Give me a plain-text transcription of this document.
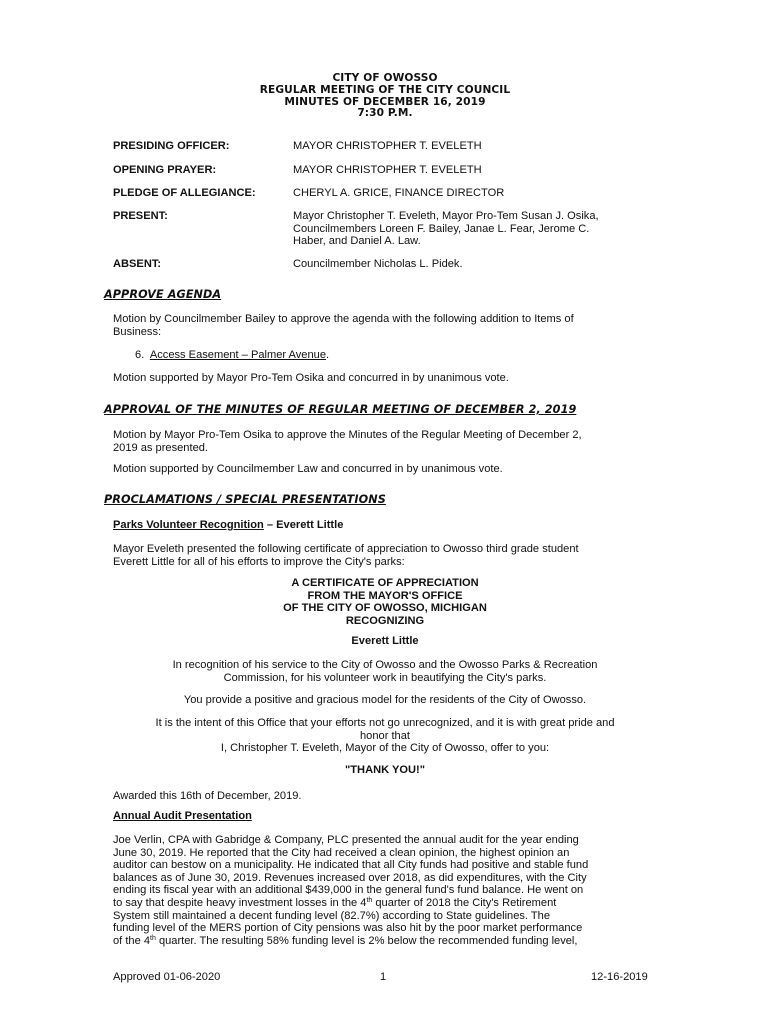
CITY OF OWOSSO
REGULAR MEETING OF THE CITY COUNCIL
MINUTES OF DECEMBER 16, 2019
7:30 P.M.
PRESIDING OFFICER:	MAYOR CHRISTOPHER T. EVELETH
OPENING PRAYER:	MAYOR CHRISTOPHER T. EVELETH
PLEDGE OF ALLEGIANCE:	CHERYL A. GRICE, FINANCE DIRECTOR
PRESENT:	Mayor Christopher T. Eveleth, Mayor Pro-Tem Susan J. Osika,
Councilmembers Loreen F. Bailey, Janae L. Fear, Jerome C.
Haber, and Daniel A. Law.
ABSENT:	Councilmember Nicholas L. Pidek.
APPROVE AGENDA
Motion by Councilmember Bailey to approve the agenda with the following addition to Items of
Business:
6. Access Easement – Palmer Avenue.
Motion supported by Mayor Pro-Tem Osika and concurred in by unanimous vote.
APPROVAL OF THE MINUTES OF REGULAR MEETING OF DECEMBER 2, 2019
Motion by Mayor Pro-Tem Osika to approve the Minutes of the Regular Meeting of December 2,
2019 as presented.
Motion supported by Councilmember Law and concurred in by unanimous vote.
PROCLAMATIONS / SPECIAL PRESENTATIONS
Parks Volunteer Recognition – Everett Little
Mayor Eveleth presented the following certificate of appreciation to Owosso third grade student
Everett Little for all of his efforts to improve the City's parks:
A CERTIFICATE OF APPRECIATION
FROM THE MAYOR'S OFFICE
OF THE CITY OF OWOSSO, MICHIGAN
RECOGNIZING
Everett Little
In recognition of his service to the City of Owosso and the Owosso Parks & Recreation
Commission, for his volunteer work in beautifying the City's parks.
You provide a positive and gracious model for the residents of the City of Owosso.
It is the intent of this Office that your efforts not go unrecognized, and it is with great pride and
honor that
I, Christopher T. Eveleth, Mayor of the City of Owosso, offer to you:
"THANK YOU!"
Awarded this 16th of December, 2019.
Annual Audit Presentation
Joe Verlin, CPA with Gabridge & Company, PLC presented the annual audit for the year ending
June 30, 2019. He reported that the City had received a clean opinion, the highest opinion an
auditor can bestow on a municipality. He indicated that all City funds had positive and stable fund
balances as of June 30, 2019. Revenues increased over 2018, as did expenditures, with the City
ending its fiscal year with an additional $439,000 in the general fund's fund balance. He went on
to say that despite heavy investment losses in the 4th quarter of 2018 the City's Retirement
System still maintained a decent funding level (82.7%) according to State guidelines. The
funding level of the MERS portion of City pensions was also hit by the poor market performance
of the 4th quarter. The resulting 58% funding level is 2% below the recommended funding level,
Approved 01-06-2020	1	12-16-2019
